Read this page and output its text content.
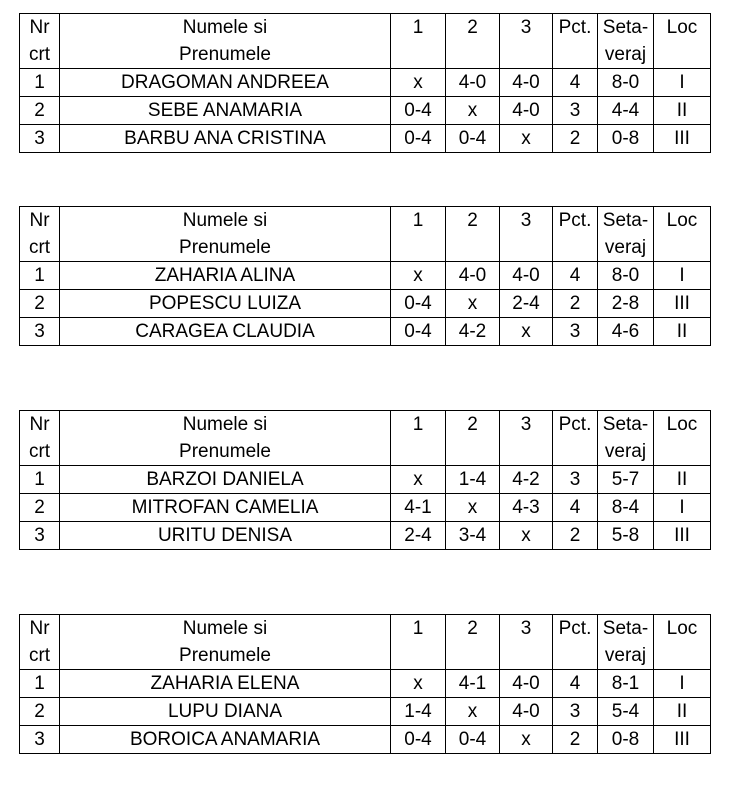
Nr	Numele si	1	2	3	Pct.	Seta-	Loc
crt	Prenumele					veraj	
1	DRAGOMAN ANDREEA	x	4-0	4-0	4	8-0	I
2	SEBE ANAMARIA	0-4	x	4-0	3	4-4	II
3	BARBU ANA CRISTINA	0-4	0-4	x	2	0-8	III
Nr	Numele si	1	2	3	Pct.	Seta-	Loc
crt	Prenumele					veraj	
1	ZAHARIA ALINA	x	4-0	4-0	4	8-0	I
2	POPESCU LUIZA	0-4	x	2-4	2	2-8	III
3	CARAGEA CLAUDIA	0-4	4-2	x	3	4-6	II
Nr	Numele si	1	2	3	Pct.	Seta-	Loc
crt	Prenumele					veraj	
1	BARZOI DANIELA	x	1-4	4-2	3	5-7	II
2	MITROFAN CAMELIA	4-1	x	4-3	4	8-4	I
3	URITU DENISA	2-4	3-4	x	2	5-8	III
Nr	Numele si	1	2	3	Pct.	Seta-	Loc
crt	Prenumele					veraj	
1	ZAHARIA ELENA	x	4-1	4-0	4	8-1	I
2	LUPU DIANA	1-4	x	4-0	3	5-4	II
3	BOROICA ANAMARIA	0-4	0-4	x	2	0-8	III
